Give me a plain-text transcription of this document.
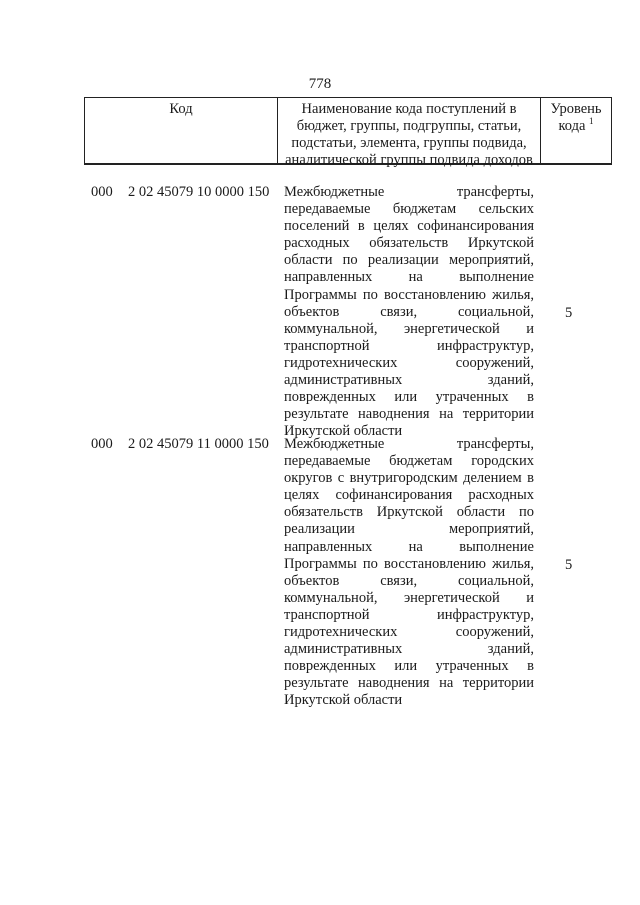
778
Код	Наименование кода поступлений в бюджет, группы, подгруппы, статьи, подстатьи, элемента, группы подвида, аналитической группы подвида доходов
Уровень кода $^1$
000 2 02 45079 10 0000 150 Межбюджетные трансферты, передаваемые бюджетам сельских поселений в целях софинансирования расходных обязательств Иркутской области по реализации мероприятий, направленных на выполнение Программы по восстановлению жилья, объектов связи, социальной, коммунальной, энергетической и транспортной инфраструктур, гидротехнических сооружений, административных зданий, поврежденных или утраченных в результате наводнения на территории Иркутской области
5
000 2 02 45079 11 0000 150 Межбюджетные трансферты, передаваемые бюджетам городских округов с внутригородским делением в целях софинансирования расходных обязательств Иркутской области по реализации мероприятий, направленных на выполнение Программы по восстановлению жилья, объектов связи, социальной, коммунальной, энергетической и транспортной инфраструктур, гидротехнических сооружений, административных зданий, поврежденных или утраченных в результате наводнения на территории Иркутской области
5
